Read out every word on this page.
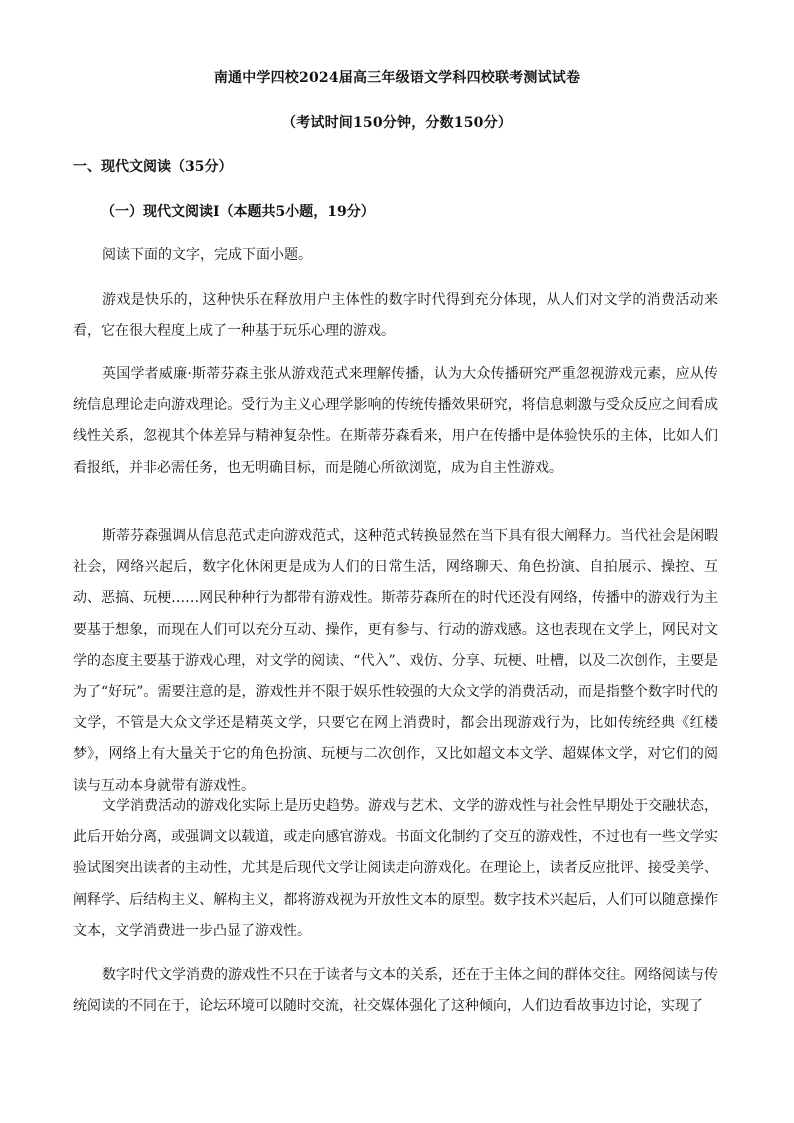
南通中学四校2024届高三年级语文学科四校联考测试试卷
（考试时间150分钟，分数150分）
一、现代文阅读（35分）
（一）现代文阅读Ⅰ（本题共5小题，19分）

阅读下面的文字，完成下面小题。

游戏是快乐的，这种快乐在释放用户主体性的数字时代得到充分体现，从人们对文学的消费活动来看，它在很大程度上成了一种基于玩乐心理的游戏。

英国学者威廉·斯蒂芬森主张从游戏范式来理解传播，认为大众传播研究严重忽视游戏元素，应从传统信息理论走向游戏理论。受行为主义心理学影响的传统传播效果研究，将信息刺激与受众反应之间看成线性关系，忽视其个体差异与精神复杂性。在斯蒂芬森看来，用户在传播中是体验快乐的主体，比如人们看报纸，并非必需任务，也无明确目标，而是随心所欲浏览，成为自主性游戏。

斯蒂芬森强调从信息范式走向游戏范式，这种范式转换显然在当下具有很大阐释力。当代社会是闲暇社会，网络兴起后，数字化休闲更是成为人们的日常生活，网络聊天、角色扮演、自拍展示、操控、互动、恶搞、玩梗……网民种种行为都带有游戏性。斯蒂芬森所在的时代还没有网络，传播中的游戏行为主要基于想象，而现在人们可以充分互动、操作，更有参与、行动的游戏感。这也表现在文学上，网民对文学的态度主要基于游戏心理，对文学的阅读、“代入”、戏仿、分享、玩梗、吐槽，以及二次创作，主要是为了“好玩”。需要注意的是，游戏性并不限于娱乐性较强的大众文学的消费活动，而是指整个数字时代的文学，不管是大众文学还是精英文学，只要它在网上消费时，都会出现游戏行为，比如传统经典《红楼梦》，网络上有大量关于它的角色扮演、玩梗与二次创作，又比如超文本文学、超媒体文学，对它们的阅读与互动本身就带有游戏性。

文学消费活动的游戏化实际上是历史趋势。游戏与艺术、文学的游戏性与社会性早期处于交融状态，此后开始分离，或强调文以载道，或走向感官游戏。书面文化制约了交互的游戏性，不过也有一些文学实验试图突出读者的主动性，尤其是后现代文学让阅读走向游戏化。在理论上，读者反应批评、接受美学、阐释学、后结构主义、解构主义，都将游戏视为开放性文本的原型。数字技术兴起后，人们可以随意操作文本，文学消费进一步凸显了游戏性。

数字时代文学消费的游戏性不只在于读者与文本的关系，还在于主体之间的群体交往。网络阅读与传统阅读的不同在于，论坛环境可以随时交流，社交媒体强化了这种倾向，人们边看故事边讨论，实现了
